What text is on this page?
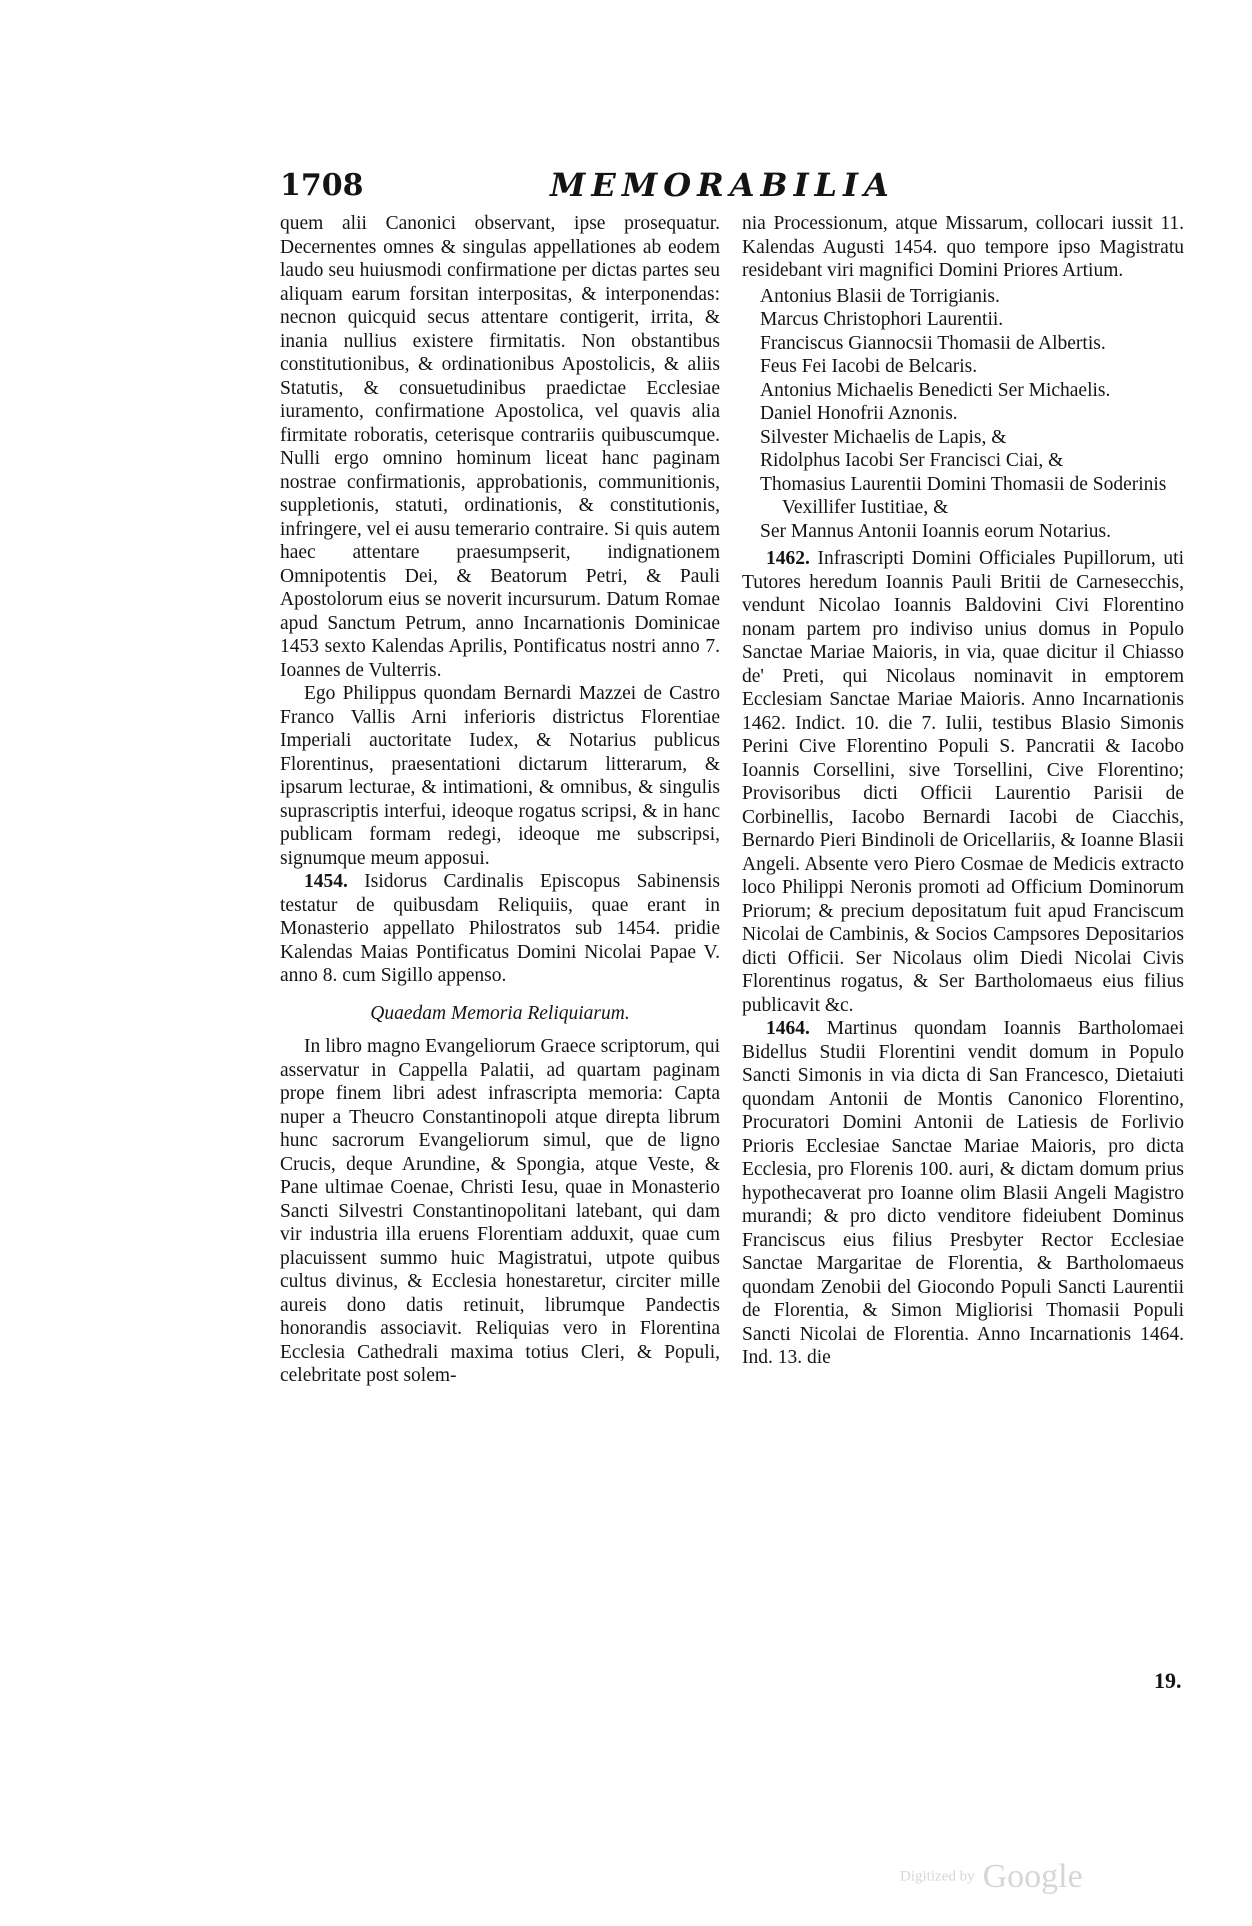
1708	MEMORABILIA

quem alii Canonici observant, ipse prosequatur. Decernentes omnes & singulas appellationes ab eodem laudo seu huiusmodi confirmatione per dictas partes seu aliquam earum forsitan interpositas, & interponendas: necnon quicquid secus attentare contigerit, irrita, & inania nullius existere firmitatis. Non obstantibus constitutionibus, & ordinationibus Apostolicis, & aliis Statutis, & consuetudinibus praedictae Ecclesiae iuramento, confirmatione Apostolica, vel quavis alia firmitate roboratis, ceterisque contrariis quibuscumque. Nulli ergo omnino hominum liceat hanc paginam nostrae confirmationis, approbationis, communitionis, suppletionis, statuti, ordinationis, & constitutionis, infringere, vel ei ausu temerario contraire. Si quis autem haec attentare praesumpserit, indignationem Omnipotentis Dei, & Beatorum Petri, & Pauli Apostolorum eius se noverit incursurum. Datum Romae apud Sanctum Petrum, anno Incarnationis Dominicae 1453 sexto Kalendas Aprilis, Pontificatus nostri anno 7. Ioannes de Vulterris.

Ego Philippus quondam Bernardi Mazzei de Castro Franco Vallis Arni inferioris districtus Florentiae Imperiali auctoritate Iudex, & Notarius publicus Florentinus, praesentationi dictarum litterarum, & ipsarum lecturae, & intimationi, & omnibus, & singulis suprascriptis interfui, ideoque rogatus scripsi, & in hanc publicam formam redegi, ideoque me subscripsi, signumque meum apposui.

1454. Isidorus Cardinalis Episcopus Sabinensis testatur de quibusdam Reliquiis, quae erant in Monasterio appellato Philostratos sub 1454. pridie Kalendas Maias Pontificatus Domini Nicolai Papae V. anno 8. cum Sigillo appenso.

Quaedam Memoria Reliquiarum.

In libro magno Evangeliorum Graece scriptorum, qui asservatur in Cappella Palatii, ad quartam paginam prope finem libri adest infrascripta memoria: Capta nuper a Theucro Constantinopoli atque direpta librum hunc sacrorum Evangeliorum simul, que de ligno Crucis, deque Arundine, & Spongia, atque Veste, & Pane ultimae Coenae, Christi Iesu, quae in Monasterio Sancti Silvestri Constantinopolitani latebant, qui dam vir industria illa eruens Florentiam adduxit, quae cum placuissent summo huic Magistratui, utpote quibus cultus divinus, & Ecclesia honestaretur, circiter mille aureis dono datis retinuit, librumque Pandectis honorandis associavit. Reliquias vero in Florentina Ecclesia Cathedrali maxima totius Cleri, & Populi, celebritate post solem-

nia Processionum, atque Missarum, collocari iussit 11. Kalendas Augusti 1454. quo tempore ipso Magistratu residebant viri magnifici Domini Priores Artium.

Antonius Blasii de Torrigianis.
Marcus Christophori Laurentii.
Franciscus Giannocsii Thomasii de Albertis.
Feus Fei Iacobi de Belcaris.
Antonius Michaelis Benedicti Ser Michaelis.
Daniel Honofrii Aznonis.
Silvester Michaelis de Lapis, &
Ridolphus Iacobi Ser Francisci Ciai, &
Thomasius Laurentii Domini Thomasii de Soderinis Vexillifer Iustitiae, &
Ser Mannus Antonii Ioannis eorum Notarius.

1462. Infrascripti Domini Officiales Pupillorum, uti Tutores heredum Ioannis Pauli Britii de Carnesecchis, vendunt Nicolao Ioannis Baldovini Civi Florentino nonam partem pro indiviso unius domus in Populo Sanctae Mariae Maioris, in via, quae dicitur il Chiasso de' Preti, qui Nicolaus nominavit in emptorem Ecclesiam Sanctae Mariae Maioris. Anno Incarnationis 1462. Indict. 10. die 7. Iulii, testibus Blasio Simonis Perini Cive Florentino Populi S. Pancratii & Iacobo Ioannis Corsellini, sive Torsellini, Cive Florentino; Provisoribus dicti Officii Laurentio Parisii de Corbinellis, Iacobo Bernardi Iacobi de Ciacchis, Bernardo Pieri Bindinoli de Oricellariis, & Ioanne Blasii Angeli. Absente vero Piero Cosmae de Medicis extracto loco Philippi Neronis promoti ad Officium Dominorum Priorum; & precium depositatum fuit apud Franciscum Nicolai de Cambinis, & Socios Campsores Depositarios dicti Officii. Ser Nicolaus olim Diedi Nicolai Civis Florentinus rogatus, & Ser Bartholomaeus eius filius publicavit &c.

1464. Martinus quondam Ioannis Bartholomaei Bidellus Studii Florentini vendit domum in Populo Sancti Simonis in via dicta di San Francesco, Dietaiuti quondam Antonii de Montis Canonico Florentino, Procuratori Domini Antonii de Latiesis de Forlivio Prioris Ecclesiae Sanctae Mariae Maioris, pro dicta Ecclesia, pro Florenis 100. auri, & dictam domum prius hypothecaverat pro Ioanne olim Blasii Angeli Magistro murandi; & pro dicto venditore fideiubent Dominus Franciscus eius filius Presbyter Rector Ecclesiae Sanctae Margaritae de Florentia, & Bartholomaeus quondam Zenobii del Giocondo Populi Sancti Laurentii de Florentia, & Simon Migliorisi Thomasii Populi Sancti Nicolai de Florentia. Anno Incarnationis 1464. Ind. 13. die

19.
Digitized by Google
